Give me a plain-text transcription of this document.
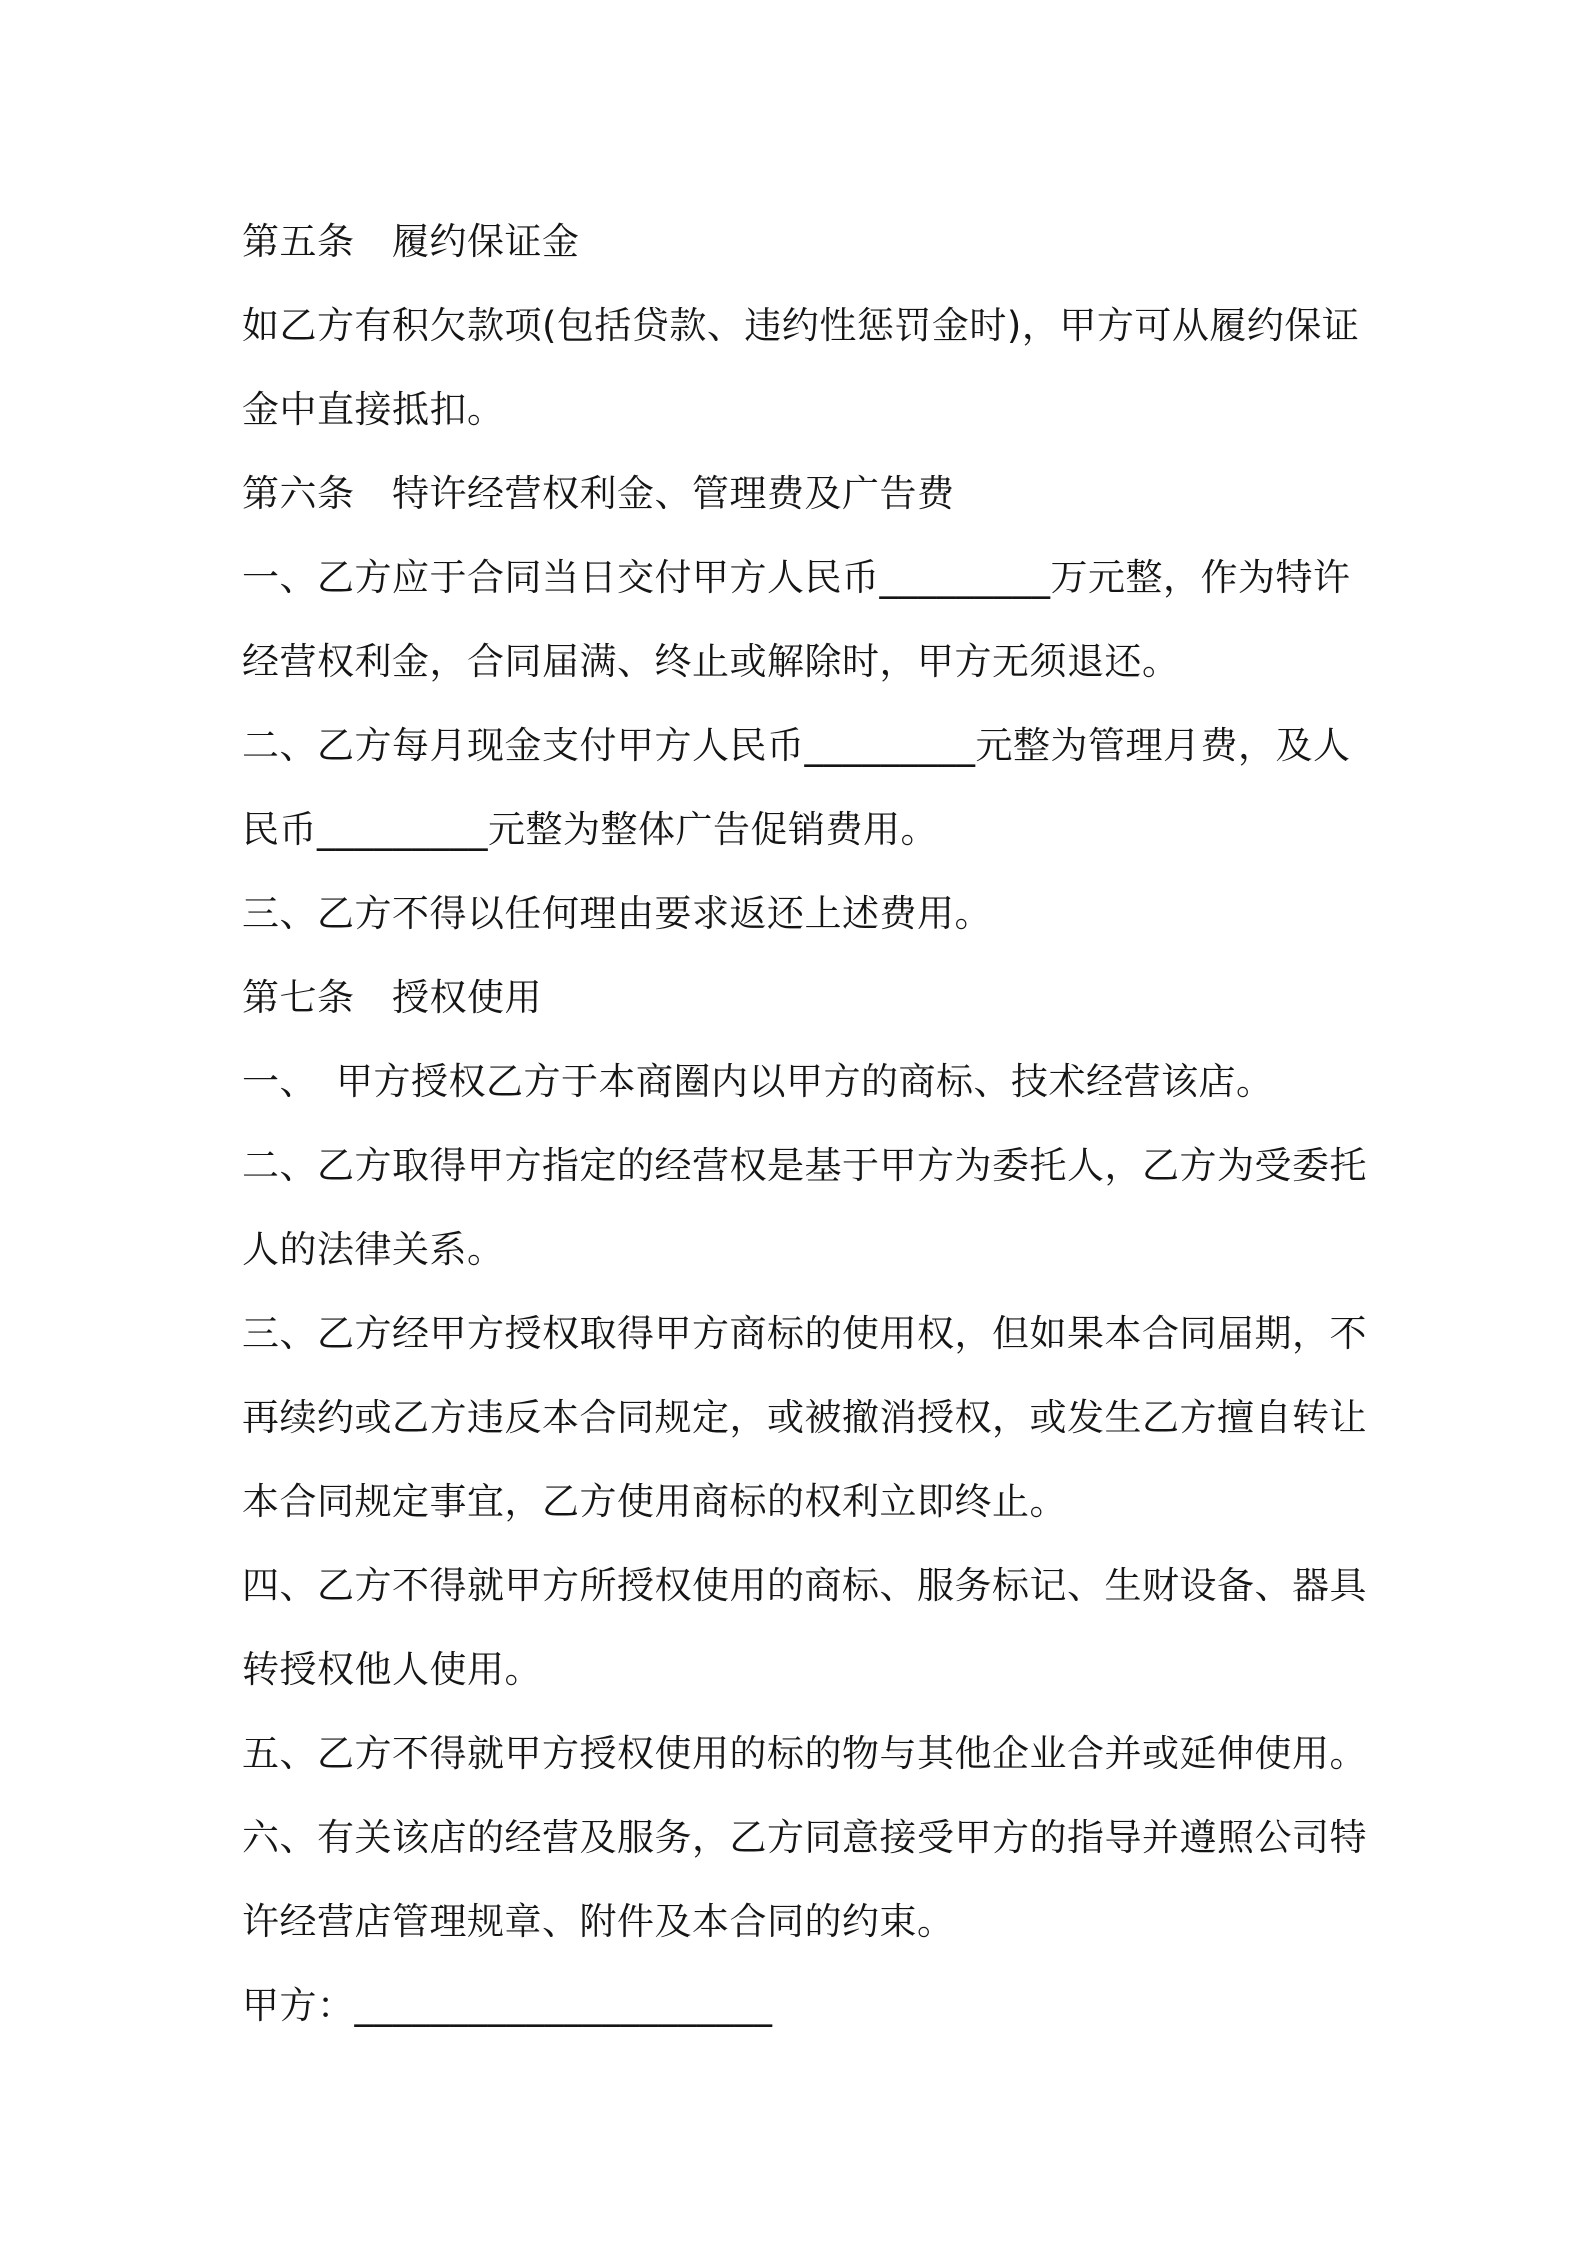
第五条　履约保证金
如乙方有积欠款项(包括贷款、违约性惩罚金时)，甲方可从履约保证
金中直接抵扣。
第六条　特许经营权利金、管理费及广告费
一、乙方应于合同当日交付甲方人民币_________万元整，作为特许
经营权利金，合同届满、终止或解除时，甲方无须退还。
二、乙方每月现金支付甲方人民币_________元整为管理月费，及人
民币_________元整为整体广告促销费用。
三、乙方不得以任何理由要求返还上述费用。
第七条　授权使用
一、　甲方授权乙方于本商圈内以甲方的商标、技术经营该店。
二、乙方取得甲方指定的经营权是基于甲方为委托人，乙方为受委托
人的法律关系。
三、乙方经甲方授权取得甲方商标的使用权，但如果本合同届期，不
再续约或乙方违反本合同规定，或被撤消授权，或发生乙方擅自转让
本合同规定事宜，乙方使用商标的权利立即终止。
四、乙方不得就甲方所授权使用的商标、服务标记、生财设备、器具
转授权他人使用。
五、乙方不得就甲方授权使用的标的物与其他企业合并或延伸使用。
六、有关该店的经营及服务，乙方同意接受甲方的指导并遵照公司特
许经营店管理规章、附件及本合同的约束。
甲方：______________________
